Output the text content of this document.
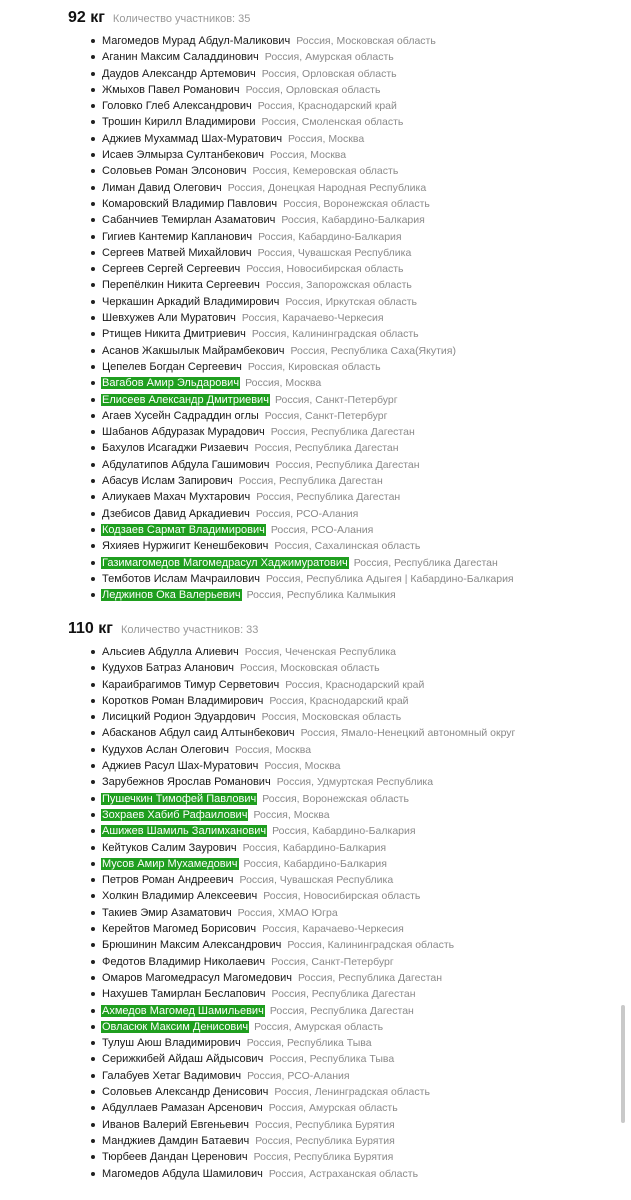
92 кг Количество участников: 35
Магомедов Мурад Абдул-Маликович Россия, Московская область
Аганин Максим Саладдинович Россия, Амурская область
Даудов Александр Артемович Россия, Орловская область
Жмыхов Павел Романович Россия, Орловская область
Головко Глеб Александрович Россия, Краснодарский край
Трошин Кирилл Владимирови Россия, Смоленская область
Аджиев Мухаммад Шах-Муратович Россия, Москва
Исаев Элмырза Султанбекович Россия, Москва
Соловьев Роман Элсонович Россия, Кемеровская область
Лиман Давид Олегович Россия, Донецкая Народная Республика
Комаровский Владимир Павлович Россия, Воронежская область
Сабанчиев Темирлан Азаматович Россия, Кабардино-Балкария
Гигиев Кантемир Капланович Россия, Кабардино-Балкария
Сергеев Матвей Михайлович Россия, Чувашская Республика
Сергеев Сергей Сергеевич Россия, Новосибирская область
Перепёлкин Никита Сергеевич Россия, Запорожская область
Черкашин Аркадий Владимирович Россия, Иркутская область
Шевхужев Али Муратович Россия, Карачаево-Черкесия
Ртищев Никита Дмитриевич Россия, Калининградская область
Асанов Жакшылык Майрамбекович Россия, Республика Саха(Якутия)
Цепелев Богдан Сергеевич Россия, Кировская область
Вагабов Амир Эльдарович Россия, Москва
Елисеев Александр Дмитриевич Россия, Санкт-Петербург
Агаев Хусейн Садраддин оглы Россия, Санкт-Петербург
Шабанов Абдуразак Мурадович Россия, Республика Дагестан
Бахулов Исагаджи Ризаевич Россия, Республика Дагестан
Абдулатипов Абдула Гашимович Россия, Республика Дагестан
Абасув Ислам Запирович Россия, Республика Дагестан
Алиукаев Махач Мухтарович Россия, Республика Дагестан
Дзебисов Давид Аркадиевич Россия, РСО-Алания
Кодзаев Сармат Владимирович Россия, РСО-Алания
Яхияев Нуржигит Кенешбекович Россия, Сахалинская область
Газимагомедов Магомедрасул Хаджимуратович Россия, Республика Дагестан
Темботов Ислам Мачраилович Россия, Республика Адыгея | Кабардино-Балкария
Леджинов Ока Валерьевич Россия, Республика Калмыкия
110 кг Количество участников: 33
Альсиев Абдулла Алиевич Россия, Чеченская Республика
Кудухов Батраз Аланович Россия, Московская область
Караибрагимов Тимур Серветович Россия, Краснодарский край
Коротков Роман Владимирович Россия, Краснодарский край
Лисицкий Родион Эдуардович Россия, Московская область
Абасканов Абдул саид Алтынбекович Россия, Ямало-Ненецкий автономный округ
Кудухов Аслан Олегович Россия, Москва
Аджиев Расул Шах-Муратович Россия, Москва
Зарубежнов Ярослав Романович Россия, Удмуртская Республика
Пушечкин Тимофей Павлович Россия, Воронежская область
Зохраев Хабиб Рафаилович Россия, Москва
Ашижев Шамиль Залимханович Россия, Кабардино-Балкария
Кейтуков Салим Заурович Россия, Кабардино-Балкария
Мусов Амир Мухамедович Россия, Кабардино-Балкария
Петров Роман Андреевич Россия, Чувашская Республика
Холкин Владимир Алексеевич Россия, Новосибирская область
Такиев Эмир Азаматович Россия, ХМАО Югра
Керейтов Магомед Борисович Россия, Карачаево-Черкесия
Брюшинин Максим Александрович Россия, Калининградская область
Федотов Владимир Николаевич Россия, Санкт-Петербург
Омаров Магомедрасул Магомедович Россия, Республика Дагестан
Нахушев Тамирлан Беслапович Россия, Республика Дагестан
Ахмедов Магомед Шамильевич Россия, Республика Дагестан
Овласюк Максим Денисович Россия, Амурская область
Тулуш Аюш Владимирович Россия, Республика Тыва
Серижкибей Айдаш Айдысович Россия, Республика Тыва
Галабуев Хетаг Вадимович Россия, РСО-Алания
Соловьев Александр Денисович Россия, Ленинградская область
Абдуллаев Рамазан Арсенович Россия, Амурская область
Иванов Валерий Евгеньевич Россия, Республика Бурятия
Манджиев Дамдин Батаевич Россия, Республика Бурятия
Тюрбеев Дандан Церенович Россия, Республика Бурятия
Магомедов Абдула Шамилович Россия, Астраханская область
